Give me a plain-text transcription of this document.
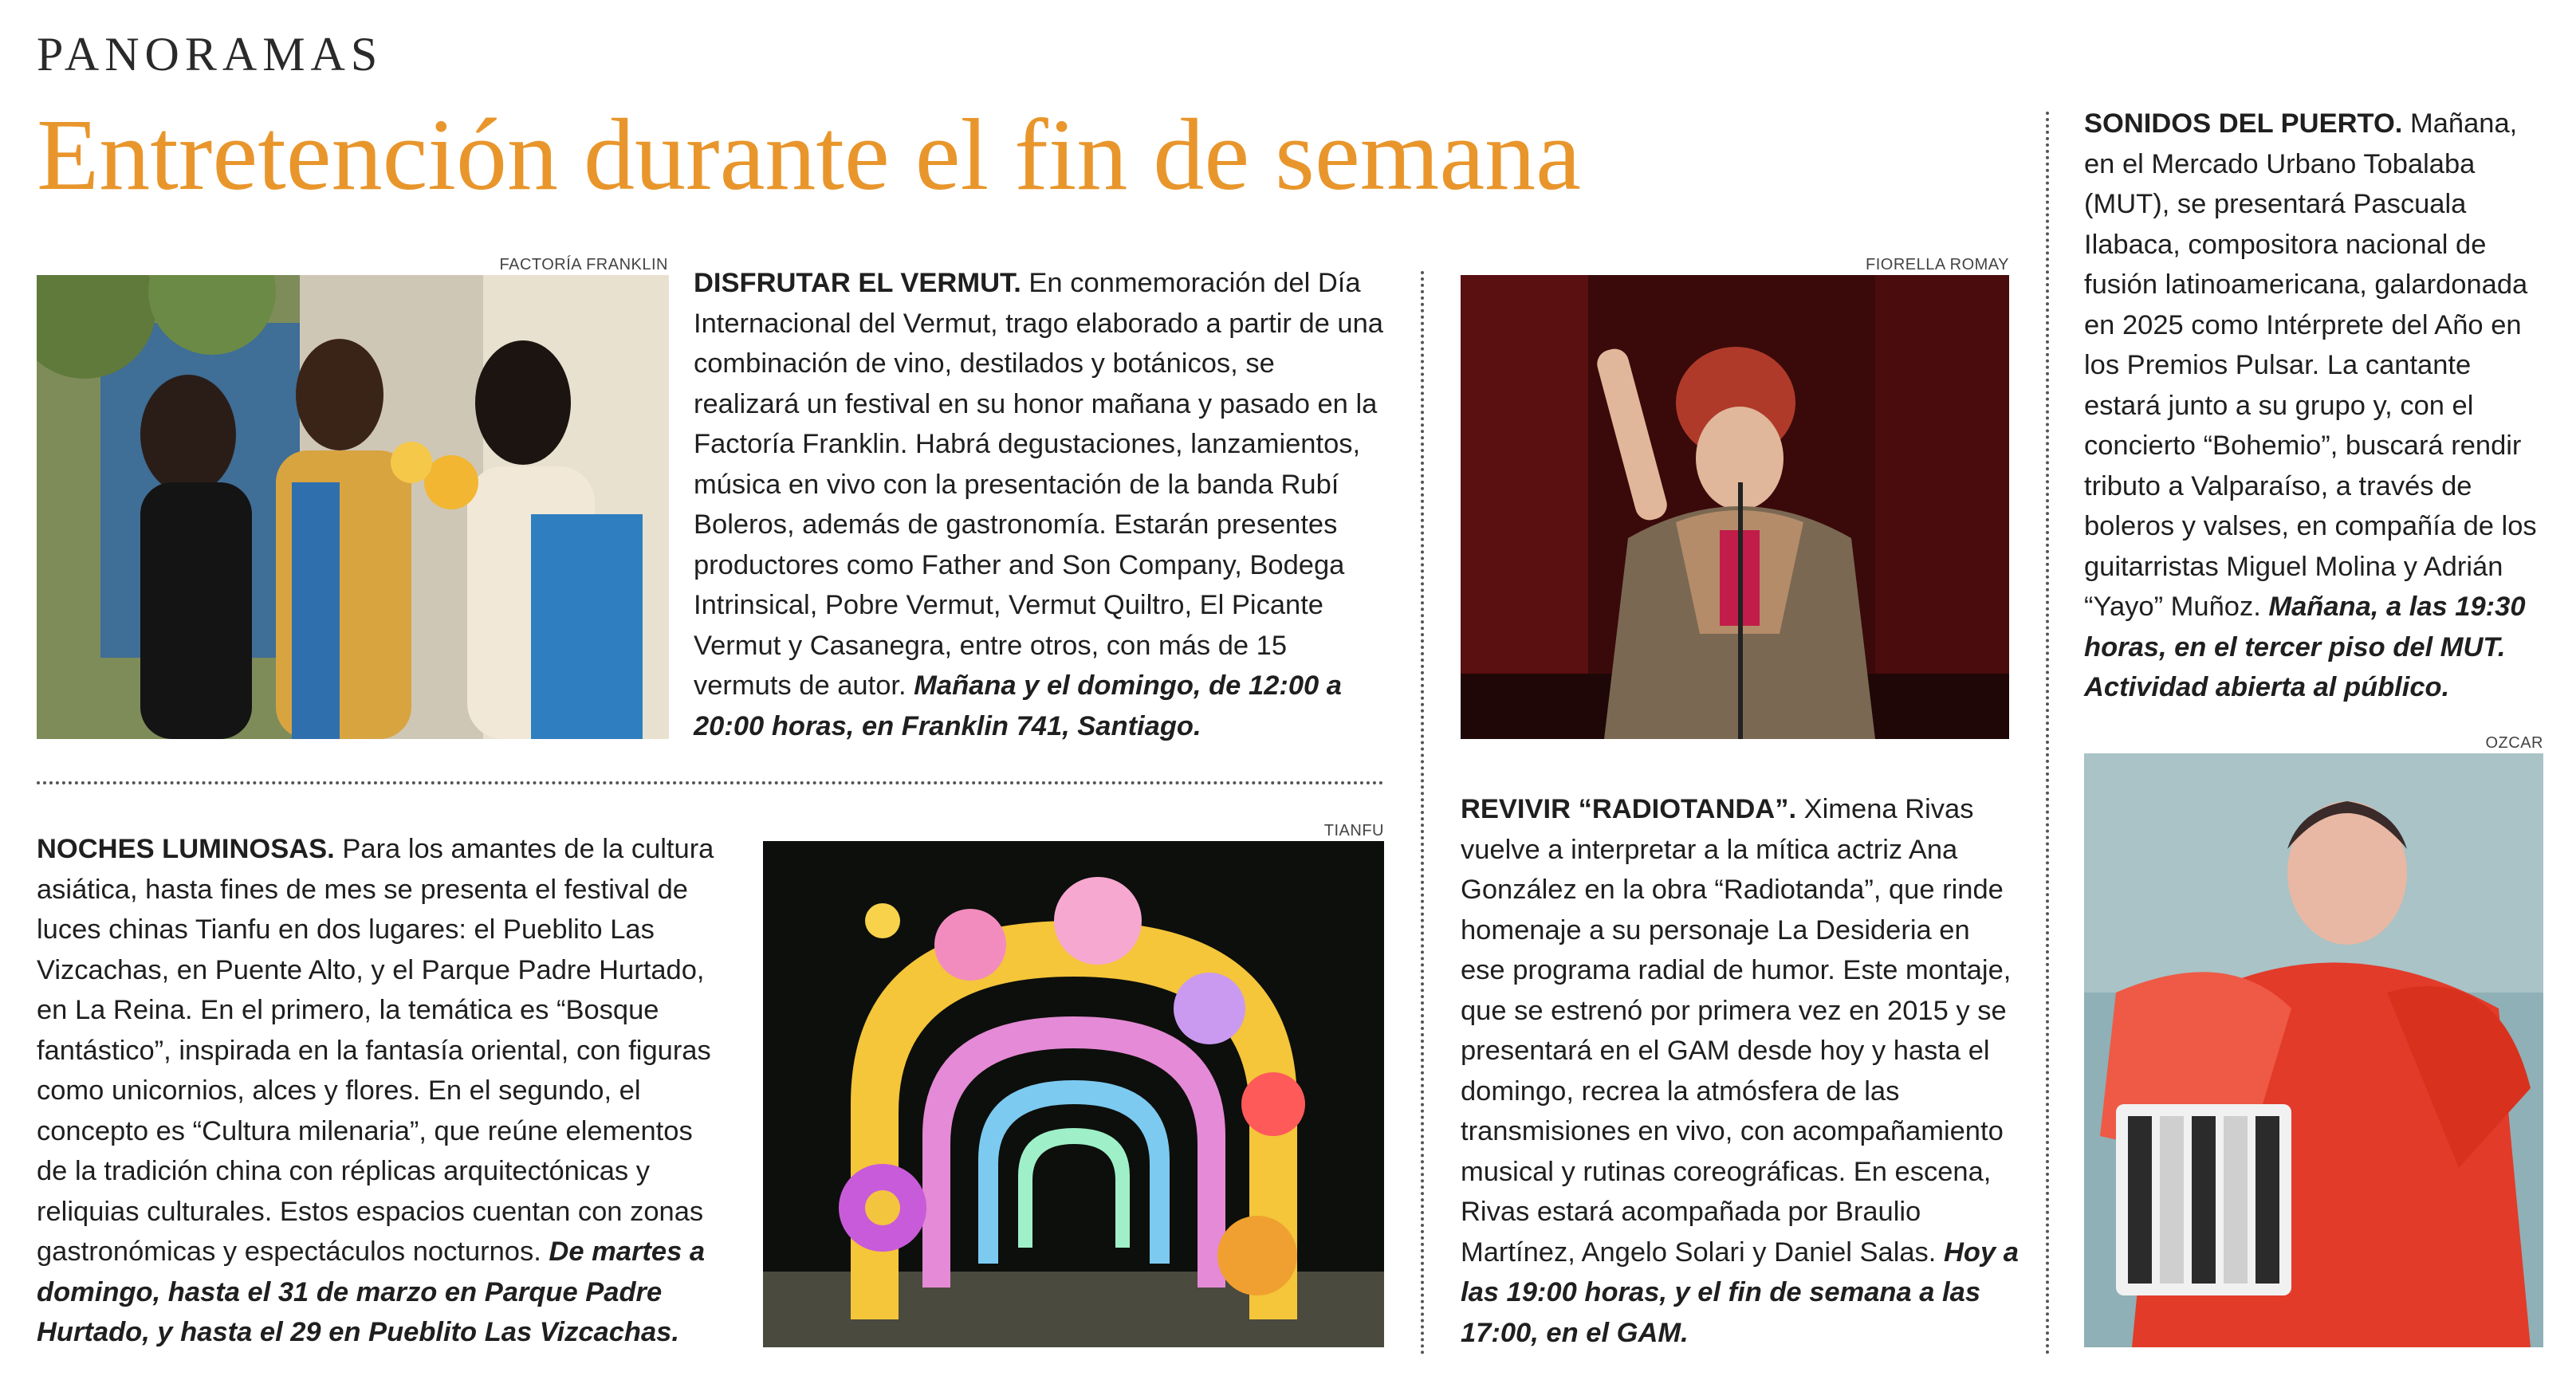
PANORAMAS
Entretención durante el fin de semana
FACTORÍA FRANKLIN
DISFRUTAR EL VERMUT. En conmemoración del Día Internacional del Vermut, trago elaborado a partir de una combinación de vino, destilados y botánicos, se realizará un festival en su honor mañana y pasado en la Factoría Franklin. Habrá degustaciones, lanzamientos, música en vivo con la presentación de la banda Rubí Boleros, además de gastronomía. Estarán presentes productores como Father and Son Company, Bodega Intrinsical, Pobre Vermut, Vermut Quiltro, El Picante Vermut y Casanegra, entre otros, con más de 15 vermuts de autor. Mañana y el domingo, de 12:00 a 20:00 horas, en Franklin 741, Santiago.
NOCHES LUMINOSAS. Para los amantes de la cultura asiática, hasta fines de mes se presenta el festival de luces chinas Tianfu en dos lugares: el Pueblito Las Vizcachas, en Puente Alto, y el Parque Padre Hurtado, en La Reina. En el primero, la temática es “Bosque fantástico”, inspirada en la fantasía oriental, con figuras como unicornios, alces y flores. En el segundo, el concepto es “Cultura milenaria”, que reúne elementos de la tradición china con réplicas arquitectónicas y reliquias culturales. Estos espacios cuentan con zonas gastronómicas y espectáculos nocturnos. De martes a domingo, hasta el 31 de marzo en Parque Padre Hurtado, y hasta el 29 en Pueblito Las Vizcachas.
TIANFU
FIORELLA ROMAY
REVIVIR “RADIOTANDA”. Ximena Rivas vuelve a interpretar a la mítica actriz Ana González en la obra “Radiotanda”, que rinde homenaje a su personaje La Desideria en ese programa radial de humor. Este montaje, que se estrenó por primera vez en 2015 y se presentará en el GAM desde hoy y hasta el domingo, recrea la atmósfera de las transmisiones en vivo, con acompañamiento musical y rutinas coreográficas. En escena, Rivas estará acompañada por Braulio Martínez, Angelo Solari y Daniel Salas. Hoy a las 19:00 horas, y el fin de semana a las 17:00, en el GAM.
SONIDOS DEL PUERTO. Mañana, en el Mercado Urbano Tobalaba (MUT), se presentará Pascuala Ilabaca, compositora nacional de fusión latinoamericana, galardonada en 2025 como Intérprete del Año en los Premios Pulsar. La cantante estará junto a su grupo y, con el concierto “Bohemio”, buscará rendir tributo a Valparaíso, a través de boleros y valses, en compañía de los guitarristas Miguel Molina y Adrián “Yayo” Muñoz. Mañana, a las 19:30 horas, en el tercer piso del MUT. Actividad abierta al público.
OZCAR
